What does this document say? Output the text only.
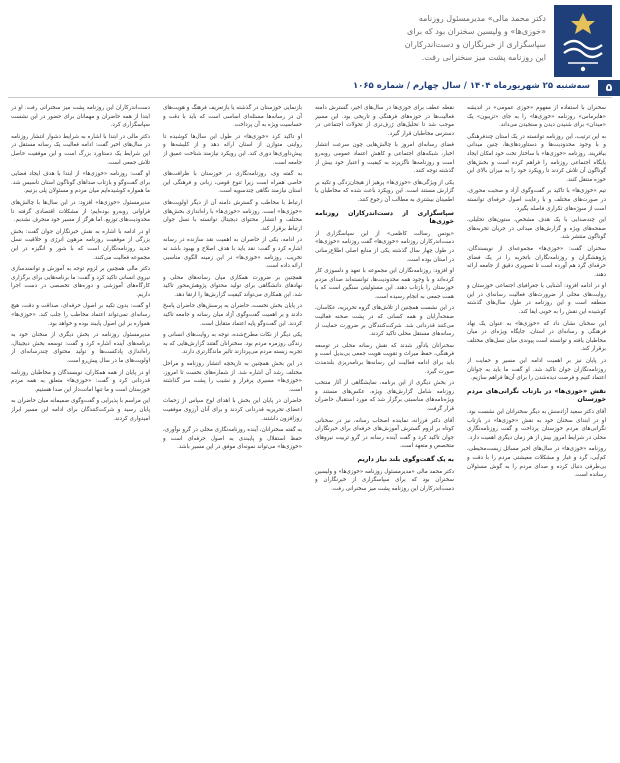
دکتر محمد مالی» مدیرمسئول روزنامه «خوزی‌ها» و ولیسین سخنران بود که برای سپاسگزاری از خبرنگاران و دست‌اندرکاران این روزنامه پشت میز سخنرانی رفت.
۵
سه‌شنبه ۲۵ شهریورماه ۱۴۰۴ / سال چهارم / شماره ۱۰۶۵

سخنران با استفاده از مفهوم «خوزی عمومی» در اندیشه «هابرماس» روزنامه «خوزی‌ها» را به جای «تریبون» یک «میدان» برای شنیدن دیدن و سنجیدن می‌داند.

به این ترتیب، این روزنامه توانسته در یک استان چندفرهنگی و با وجود محدودیت‌ها و دستاوردهای‌ها، چنین میدانی بیافریند. روزنامه «خوزی‌ها» با ساختار تخت خود امکان ایجاد پایگاه اجتماعی روزنامه را فراهم کرده است و بخش‌های گوناگون آن تلاش کردند تا رویکرد خود را به میزان بالای این حوزه منتقل کنند.

تیم «خوزی‌ها» با تاکید بر گفت‌وگوی آزاد و صحبت محوری، در صورت‌های مختلف و با رعایت اصول حرفه‌ای توانسته است از سوژه‌های تکراری فاصله بگیرد.

این چندصدایی با یک هدف مشخص، ستون‌های تحلیلی، صفحه‌های ویژه و گزارش‌های میدانی در جریان تجربه‌های گوناگون منتشر شد.

سخنران گفت: «خوزی‌ها» مجموعه‌ای از نویسندگان، پژوهشگران و روزنامه‌نگاران باتجربه را در یک فضای حرفه‌ای گرد هم آورده است تا تصویری دقیق از جامعه ارائه دهند.

او در ادامه افزود: آشنایی با جغرافیای اجتماعی خوزستان و روایت‌های محلی از ضرورت‌های فعالیت رسانه‌ای در این منطقه است و این روزنامه در طول سال‌های گذشته کوشیده این نقش را به خوبی ایفا کند.

این سخنان نشان داد که «خوزی‌ها» به عنوان یک نهاد فرهنگی و رسانه‌ای در استان، جایگاه ویژه‌ای در میان مخاطبان یافته و توانسته است پیوندی میان نسل‌های مختلف برقرار کند.

در پایان نیز بر اهمیت ادامه این مسیر و حمایت از روزنامه‌نگاران جوان تاکید شد. او گفت ما باید به جوانان اعتماد کنیم و فرصت دیده‌شدن را برای آن‌ها فراهم سازیم.

نقش «خوزی‌ها» در بازتاب نگرانی‌های مردم خوزستان

آقای دکتر سعید آزادمنش به دیگر سخنرانان این نشست بود. او در ابتدای سخنان خود به نقش «خوزی‌ها» در بازتاب نگرانی‌های مردم خوزستان پرداخت و گفت روزنامه‌نگاری محلی در شرایط امروز بیش از هر زمان دیگری اهمیت دارد.

روزنامه «خوزی‌ها» در سال‌های اخیر مسائل زیست‌محیطی، کم‌آبی، گرد و غبار و مشکلات معیشتی مردم را با دقت و بی‌طرفی دنبال کرده و صدای مردم را به گوش مسئولان رسانده است.

نقطه عطف برای خوزی‌ها در سال‌های اخیر، گسترش دامنه فعالیت‌ها در حوزه‌های فرهنگی و تاریخی بود. این مسیر موجب شد تا تحلیل‌های ژرف‌تری از تحولات اجتماعی در دسترس مخاطبان قرار گیرد.

فضای رسانه‌ای امروز با چالش‌هایی چون سرعت انتشار اخبار، شبکه‌های اجتماعی و کاهش اعتماد عمومی روبه‌رو است و روزنامه‌ها ناگزیرند به کیفیت و اعتبار خود بیش از گذشته توجه کنند.

یکی از ویژگی‌های «خوزی‌ها» پرهیز از هیجان‌زدگی و تکیه بر گزارش مستند است. این رویکرد باعث شده که مخاطبان با اطمینان بیشتری به مطالب آن رجوع کنند.

سپاسگزاری از دست‌اندرکاران روزنامه خوزی‌ها

«یونس رسالت کاظمی» از این سپاسگزاری از دست‌اندرکاران روزنامه «خوزی‌ها» گفت روزنامه «خوزی‌ها» در طول چهار سال گذشته یکی از منابع اصلی اطلاع‌رسانی در استان بوده است.

او افزود: روزنامه‌نگاران این مجموعه با تعهد و دلسوزی کار کرده‌اند و با وجود همه محدودیت‌ها، توانسته‌اند صدای مردم خوزستان را بازتاب دهند. این مسئولیتی سنگین است که با همت جمعی به انجام رسیده است.

در این نشست همچنین از تلاش‌های گروه تحریریه، عکاسان، صفحه‌آرایان و همه کسانی که در پشت صحنه فعالیت می‌کنند قدردانی شد. شرکت‌کنندگان بر ضرورت حمایت از رسانه‌های مستقل محلی تاکید کردند.

سخنرانان یادآور شدند که نقش رسانه محلی در توسعه فرهنگی، حفظ میراث و تقویت هویت جمعی بی‌بدیل است و باید برای ادامه فعالیت این رسانه‌ها برنامه‌ریزی بلندمدت صورت گیرد.

در بخش دیگری از این برنامه، نمایشگاهی از آثار منتخب روزنامه شامل گزارش‌های ویژه، عکس‌های مستند و ویژه‌نامه‌های مناسبتی برگزار شد که مورد استقبال حاضران قرار گرفت.

آقای دکتر فرزانه، نماینده اصحاب رسانه، نیز در سخنانی کوتاه بر لزوم گسترش آموزش‌های حرفه‌ای برای خبرنگاران جوان تاکید کرد و گفت آینده رسانه در گرو تربیت نیروهای متخصص و متعهد است.

به یک گفت‌وگوی بلند نیاز داریم

دکتر محمد مالی «مدیرمسئول روزنامه «خوزی‌ها» و ولیسین سخنران بود که برای سپاسگزاری از خبرنگاران و دست‌اندرکاران این روزنامه پشت میز سخنرانی رفت.

بازنمایی خوزستان در گذشته یا بازتعریف فرهنگ و هویت‌های آن در رسانه‌ها مسئله‌ای اساسی است که باید با دقت و حساسیت ویژه به آن پرداخت.

او تاکید کرد «خوزی‌ها» در طول این سال‌ها کوشیده تا روایتی متوازن از استان ارائه دهد و از کلیشه‌ها و پیش‌داوری‌ها دوری کند. این رویکرد نیازمند شناخت عمیق از جامعه است.

به گفته وی، روزنامه‌نگاری در خوزستان با ظرافت‌های خاصی همراه است زیرا تنوع قومی، زبانی و فرهنگی این استان نیازمند نگاهی چندسویه است.

ارتباط با مخاطب و گسترش دامنه آن از دیگر اولویت‌های «خوزی‌ها» است. روزنامه «خوزی‌ها» با راه‌اندازی بخش‌های مختلف و انتشار محتوای دیجیتال توانسته با نسل جوان ارتباط برقرار کند.

در ادامه، یکی از حاضران به اهمیت نقد سازنده در رسانه اشاره کرد و گفت: نقد باید با هدف اصلاح و بهبود باشد نه تخریب. روزنامه «خوزی‌ها» در این زمینه الگوی مناسبی ارائه داده است.

همچنین بر ضرورت همکاری میان رسانه‌های محلی و نهادهای دانشگاهی برای تولید محتوای پژوهش‌محور تاکید شد. این همکاری می‌تواند کیفیت گزارش‌ها را ارتقا دهد.

در پایان بخش نخست، حاضران به پرسش‌های حاضران پاسخ دادند و بر اهمیت گفت‌وگوی آزاد میان رسانه و جامعه تاکید کردند. این گفت‌وگو پایه اعتماد متقابل است.

یکی دیگر از نکات مطرح‌شده، توجه به روایت‌های انسانی و زندگی روزمره مردم بود. سخنرانان گفتند گزارش‌هایی که به تجربه زیسته مردم می‌پردازند تاثیر ماندگارتری دارند.

در این بخش همچنین به تاریخچه انتشار روزنامه و مراحل مختلف رشد آن اشاره شد. از شماره‌های نخست تا امروز، «خوزی‌ها» مسیری پرفراز و نشیب را پشت سر گذاشته است.

حاضران در پایان این بخش با اهدای لوح سپاس از زحمات اعضای تحریریه قدردانی کردند و برای آنان آرزوی موفقیت روزافزون داشتند.

به گفته سخنرانان، آینده روزنامه‌نگاری محلی در گرو نوآوری، حفظ استقلال و پایبندی به اصول حرفه‌ای است و «خوزی‌ها» می‌تواند نمونه‌ای موفق در این مسیر باشد.

دست‌اندرکاران این روزنامه پشت میز سخنرانی رفت. او در ابتدا از همه حاضران و مهمانان برای حضور در این نشست سپاسگزاری کرد.

دکتر مالی در ابتدا با اشاره به شرایط دشوار انتشار روزنامه در سال‌های اخیر گفت: ادامه فعالیت یک رسانه مستقل در این شرایط یک دستاورد بزرگ است و این موفقیت حاصل تلاش جمعی است.

او گفت: روزنامه «خوزی‌ها» از ابتدا با هدف ایجاد فضایی برای گفت‌وگو و بازتاب صداهای گوناگون استان تاسیس شد. ما همواره کوشیده‌ایم میان مردم و مسئولان پلی بزنیم.

مدیرمسئول «خوزی‌ها» افزود: در این سال‌ها با چالش‌های فراوانی روبه‌رو بوده‌ایم؛ از مشکلات اقتصادی گرفته تا محدودیت‌های توزیع. اما هرگز از مسیر خود منحرف نشدیم.

او در ادامه با اشاره به نقش خبرنگاران جوان گفت: بخش بزرگی از موفقیت روزنامه مرهون انرژی و خلاقیت نسل جدید روزنامه‌نگاران است که با شور و انگیزه در این مجموعه فعالیت می‌کنند.

دکتر مالی همچنین بر لزوم توجه به آموزش و توانمندسازی نیروی انسانی تاکید کرد و گفت: ما برنامه‌هایی برای برگزاری کارگاه‌های آموزشی و دوره‌های تخصصی در دست اجرا داریم.

او گفت: بدون تکیه بر اصول حرفه‌ای، صداقت و دقت، هیچ رسانه‌ای نمی‌تواند اعتماد مخاطب را جلب کند. «خوزی‌ها» همواره بر این اصول پایبند بوده و خواهد بود.

مدیرمسئول روزنامه در بخش دیگری از سخنان خود به برنامه‌های آینده اشاره کرد و گفت: توسعه بخش دیجیتال، راه‌اندازی پادکست‌ها و تولید محتوای چندرسانه‌ای از اولویت‌های ما در سال پیش‌رو است.

او در پایان از همه همکاران، نویسندگان و مخاطبان روزنامه قدردانی کرد و گفت: «خوزی‌ها» متعلق به همه مردم خوزستان است و ما تنها امانت‌دار این صدا هستیم.

این مراسم با پذیرایی و گفت‌وگوی صمیمانه میان حاضران به پایان رسید و شرکت‌کنندگان برای ادامه این مسیر ابراز امیدواری کردند.
